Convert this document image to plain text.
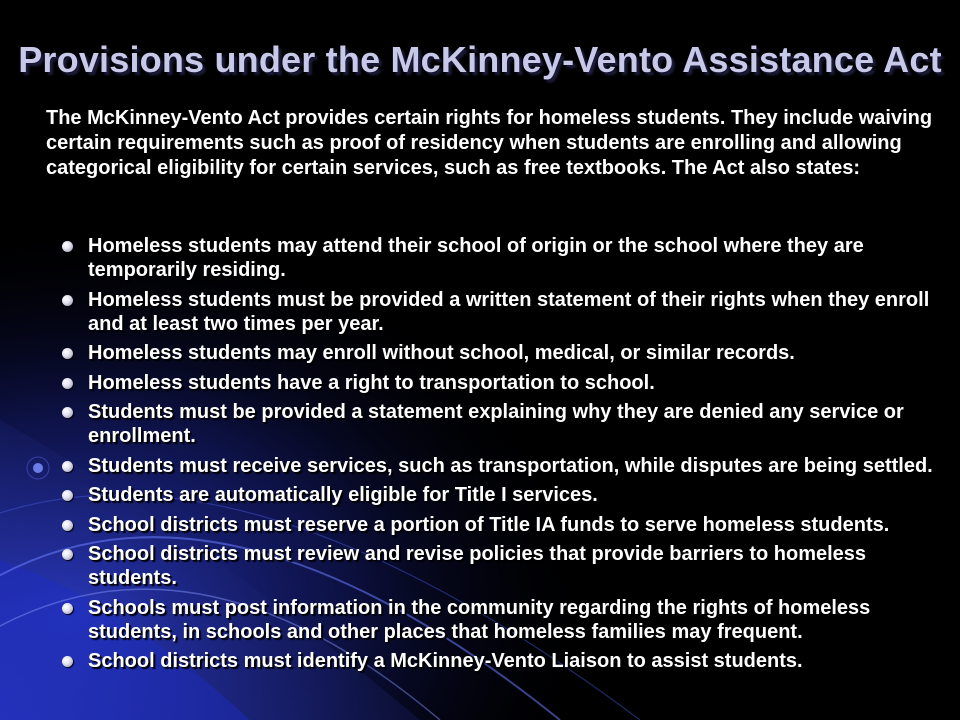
Provisions under the McKinney-Vento Assistance Act
The McKinney-Vento Act provides certain rights for homeless students. They include waiving certain requirements such as proof of residency when students are enrolling and allowing categorical eligibility for certain services, such as free textbooks. The Act also states:
Homeless students may attend their school of origin or the school where they are temporarily residing.
Homeless students must be provided a written statement of their rights when they enroll and at least two times per year.
Homeless students may enroll without school, medical, or similar records.
Homeless students have a right to transportation to school.
Students must be provided a statement explaining why they are denied any service or enrollment.
Students must receive services, such as transportation, while disputes are being settled.
Students are automatically eligible for Title I services.
School districts must reserve a portion of Title IA funds to serve homeless students.
School districts must review and revise policies that provide barriers to homeless students.
Schools must post information in the community regarding the rights of homeless students, in schools and other places that homeless families may frequent.
School districts must identify a McKinney-Vento Liaison to assist students.
